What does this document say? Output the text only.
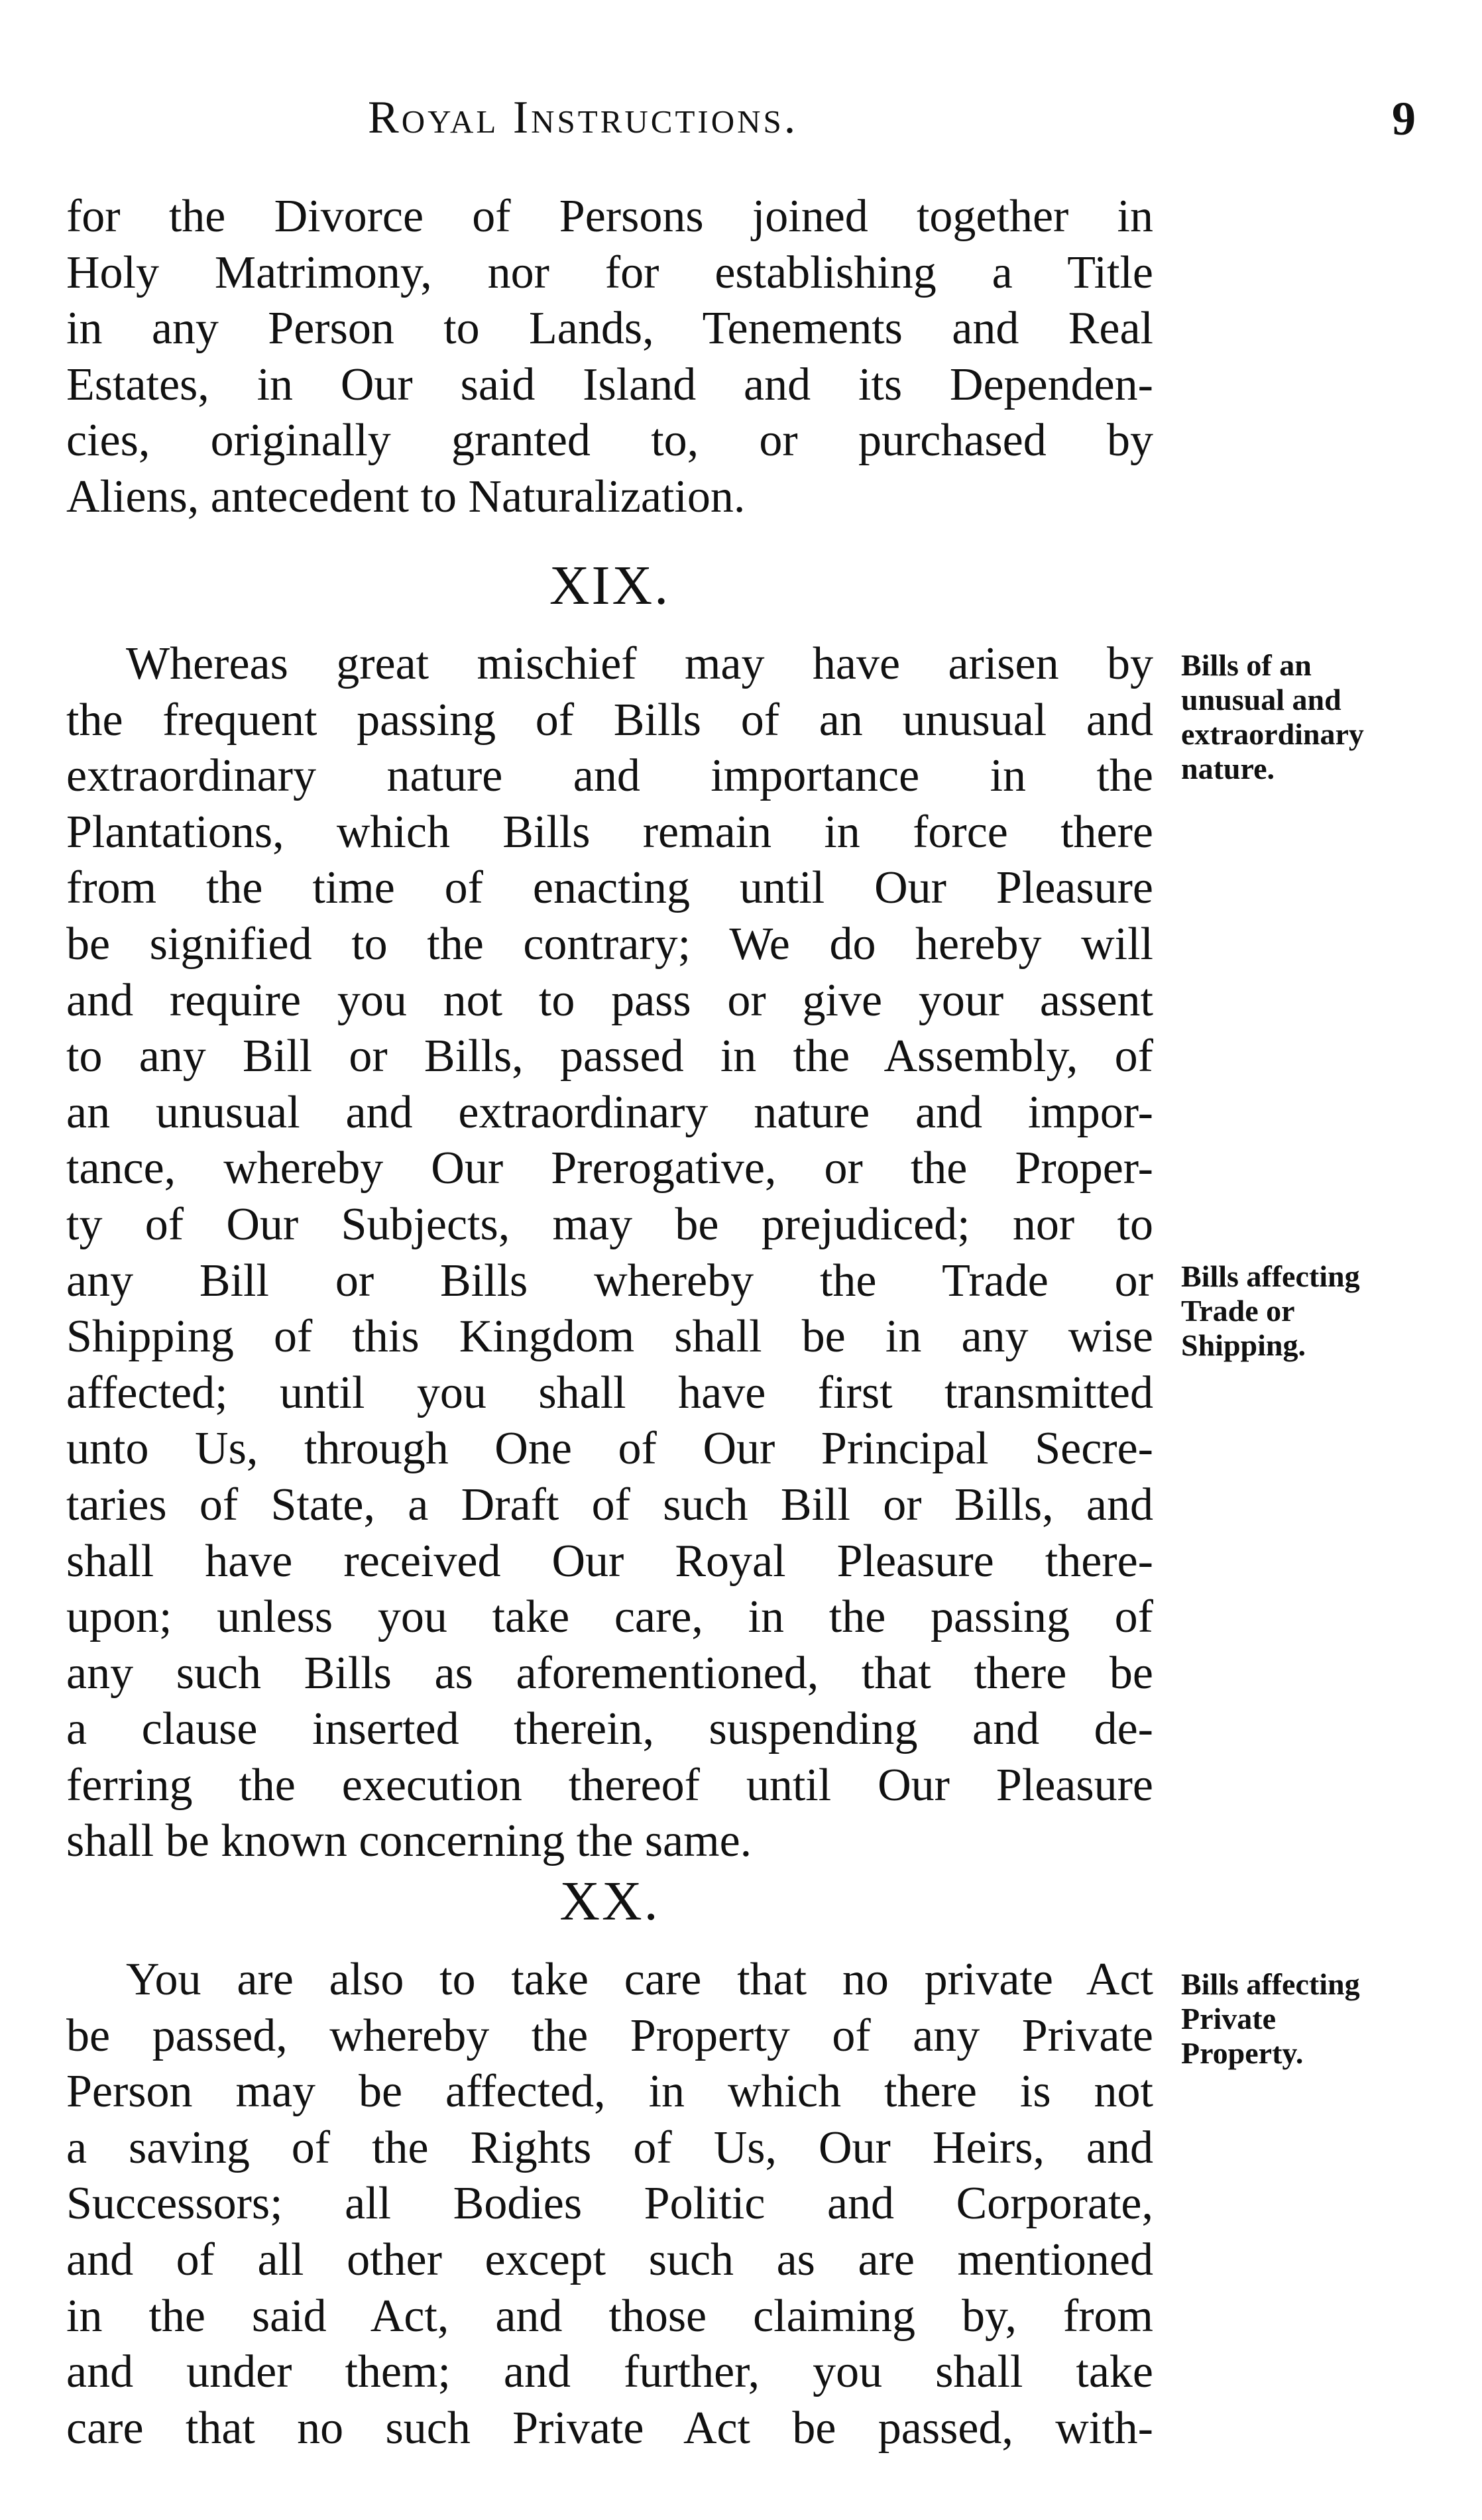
Royal Instructions.	9
for the Divorce of Persons joined together in
Holy Matrimony, nor for establishing a Title
in any Person to Lands, Tenements and Real
Estates, in Our said Island and its Dependen-
cies, originally granted to, or purchased by
Aliens, antecedent to Naturalization.
XIX.
Whereas great mischief may have arisen by
the frequent passing of Bills of an unusual and
extraordinary nature and importance in the
Plantations, which Bills remain in force there
from the time of enacting until Our Pleasure
be signified to the contrary; We do hereby will
and require you not to pass or give your assent
to any Bill or Bills, passed in the Assembly, of
an unusual and extraordinary nature and impor-
tance, whereby Our Prerogative, or the Proper-
ty of Our Subjects, may be prejudiced; nor to
any Bill or Bills whereby the Trade or
Shipping of this Kingdom shall be in any wise
affected; until you shall have first transmitted
unto Us, through One of Our Principal Secre-
taries of State, a Draft of such Bill or Bills, and
shall have received Our Royal Pleasure there-
upon; unless you take care, in the passing of
any such Bills as aforementioned, that there be
a clause inserted therein, suspending and de-
ferring the execution thereof until Our Pleasure
shall be known concerning the same.
Bills of an
unusual and
extraordinary
nature.
Bills affecting
Trade or
Shipping.
XX.
You are also to take care that no private Act
be passed, whereby the Property of any Private
Person may be affected, in which there is not
a saving of the Rights of Us, Our Heirs, and
Successors; all Bodies Politic and Corporate,
and of all other except such as are mentioned
in the said Act, and those claiming by, from
and under them; and further, you shall take
care that no such Private Act be passed, with-
Bills affecting
Private
Property.
